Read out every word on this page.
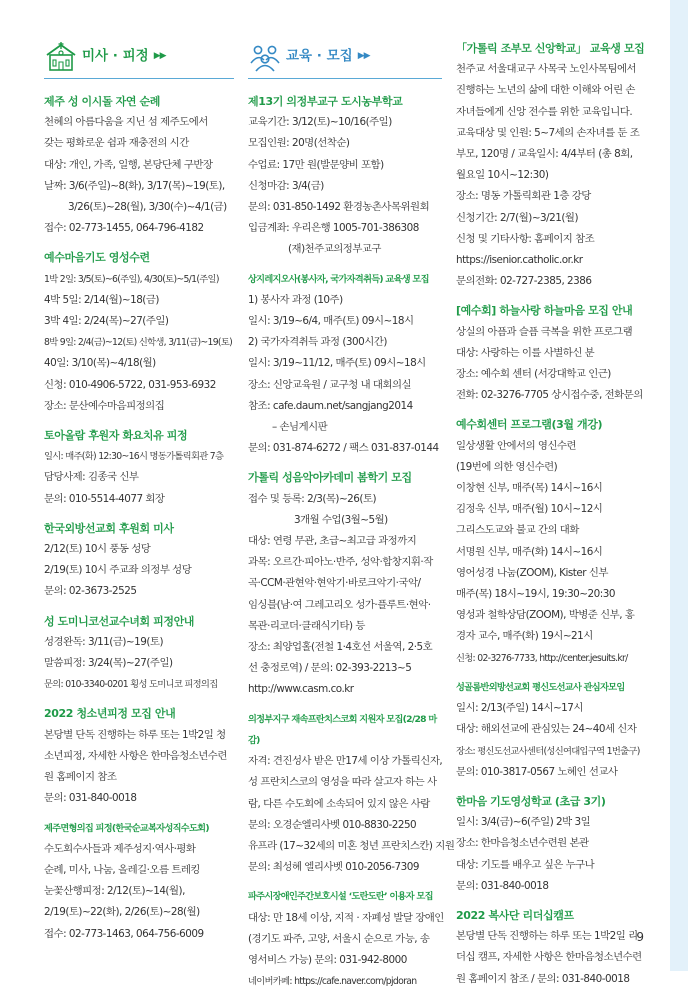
미사 · 피정 ▶▶
제주 성 이시돌 자연 순례
천혜의 아름다움을 지닌 섬 제주도에서
갖는 평화로운 쉼과 재충전의 시간
대상: 개인, 가족, 일행, 본당단체 구반장
날짜: 3/6(주일)~8(화), 3/17(목)~19(토),
3/26(토)~28(월), 3/30(수)~4/1(금)
접수: 02-773-1455, 064-796-4182
예수마음기도 영성수련
1박 2일: 3/5(토)~6(주일), 4/30(토)~5/1(주일)
4박 5일: 2/14(월)~18(금)
3박 4일: 2/24(목)~27(주일)
8박 9일: 2/4(금)~12(토) 신학생, 3/11(금)~19(토)
40일: 3/10(목)~4/18(월)
신청: 010-4906-5722, 031-953-6932
장소: 문산예수마음피정의집
토아올람 후원자 화요치유 피정
일시: 매주(화) 12:30~16시 명동가톨릭회관 7층
담당사제: 김종국 신부
문의: 010-5514-4077 회장
한국외방선교회 후원회 미사
2/12(토) 10시 풍동 성당
2/19(토) 10시 주교좌 의정부 성당
문의: 02-3673-2525
성 도미니코선교수녀회 피정안내
성경완독: 3/11(금)~19(토)
말씀피정: 3/24(목)~27(주일)
문의: 010-3340-0201 횡성 도미니코 피정의집
2022 청소년피정 모집 안내
본당별 단독 진행하는 하루 또는 1박2일 청
소년피정, 자세한 사항은 한마음청소년수련
원 홈페이지 참조
문의: 031-840-0018
제주면형의집 피정(한국순교복자성직수도회)
수도회수사들과 제주성지·역사·평화
순례, 미사, 나눔, 올레길·오름 트레킹
눈꽃산행피정: 2/12(토)~14(월),
2/19(토)~22(화), 2/26(토)~28(월)
접수: 02-773-1463, 064-756-6009
교육 · 모집 ▶▶
제13기 의정부교구 도시농부학교
교육기간: 3/12(토)~10/16(주일)
모집인원: 20명(선착순)
수업료: 17만 원(발문양비 포함)
신청마감: 3/4(금)
문의: 031-850-1492 환경농촌사목위원회
입금계좌: 우리은행 1005-701-386308
(재)천주교의정부교구
상지레지오사(봉사자, 국가자격취득) 교육생 모집
1) 봉사자 과정 (10주)
일시: 3/19~6/4, 매주(토) 09시~18시
2) 국가자격취득 과정 (300시간)
일시: 3/19~11/12, 매주(토) 09시~18시
장소: 신앙교육원 / 교구청 내 대회의실
참조: cafe.daum.net/sangjang2014
– 손님게시판
문의: 031-874-6272 / 팩스 031-837-0144
가톨릭 성음악아카데미 봄학기 모집
접수 및 등록: 2/3(목)~26(토)
3개월 수업(3월~5월)
대상: 연령 무관, 초급~최고급 과정까지
과목: 오르간·피아노·반주, 성악·합창지휘·작
곡·CCM·관현악·현악기·바로크악기·국악/
임싱블(남·여 그레고리오 성가·플루트·현악·
목관·리코더·클래식기타) 등
장소: 최양업홀(전철 1·4호선 서울역, 2·5호
선 충정로역) / 문의: 02-393-2213~5
http://www.casm.co.kr
의정부지구 재속프란치스코회 지원자 모집(2/28 마감)
자격: 견진성사 받은 만17세 이상 가톨릭신자,
성 프란치스코의 영성을 따라 살고자 하는 사
람, 다른 수도회에 소속되어 있지 않은 사람
문의: 오경순엘리사벳 010-8830-2250
유프라 (17~32세의 미혼 청년 프란치스칸) 지원
문의: 최성혜 엘리사벳 010-2056-7309
파주시장애인주간보호시설 ‘도란도란’ 이용자 모집
대상: 만 18세 이상, 지적 · 자폐성 발달 장애인
(경기도 파주, 고양, 서울시 순으로 가능, 송
영서비스 가능) 문의: 031-942-8000
네이버카페: https://cafe.naver.com/pjdoran
「가톨릭 조부모 신앙학교」 교육생 모집
천주교 서울대교구 사목국 노인사목팀에서
진행하는 노년의 삶에 대한 이해와 어린 손
자녀들에게 신앙 전수를 위한 교육입니다.
교육대상 및 인원: 5~7세의 손자녀를 둔 조
부모, 120명 / 교육일시: 4/4부터 (총 8회,
월요일 10시~12:30)
장소: 명동 가톨릭회관 1층 강당
신청기간: 2/7(월)~3/21(월)
신청 및 기타사항: 홈페이지 참조
https://isenior.catholic.or.kr
문의전화: 02-727-2385, 2386
[예수회] 하늘사랑 하늘마음 모집 안내
상실의 아픔과 슬픔 극복을 위한 프로그램
대상: 사랑하는 이를 사별하신 분
장소: 예수회 센터 (서강대학교 인근)
전화: 02-3276-7705 상시접수중, 전화문의
예수회센터 프로그램(3월 개강)
일상생활 안에서의 영신수련
(19번에 의한 영신수련)
이창현 신부, 매주(목) 14시~16시
김정욱 신부, 매주(월) 10시~12시
그리스도교와 불교 간의 대화
서명원 신부, 매주(화) 14시~16시
영어성경 나눔(ZOOM), Kister 신부
매주(목) 18시~19시, 19:30~20:30
영성과 철학상담(ZOOM), 박병준 신부, 홍
경자 교수, 매주(화) 19시~21시
신청: 02-3276-7733, http://center.jesuits.kr/
성골롬반외방선교회 평신도선교사 관심자모임
일시: 2/13(주일) 14시~17시
대상: 해외선교에 관심있는 24~40세 신자
장소: 평신도선교사센터(성신여대입구역 1번출구)
문의: 010-3817-0567 노혜인 선교사
한마음 기도영성학교 (초급 3기)
일시: 3/4(금)~6(주일) 2박 3일
장소: 한마음청소년수련원 본관
대상: 기도를 배우고 싶은 누구나
문의: 031-840-0018
2022 복사단 리더십캠프
본당별 단독 진행하는 하루 또는 1박2일 리
더십 캠프, 자세한 사항은 한마음청소년수련
원 홈페이지 참조 / 문의: 031-840-0018
9
